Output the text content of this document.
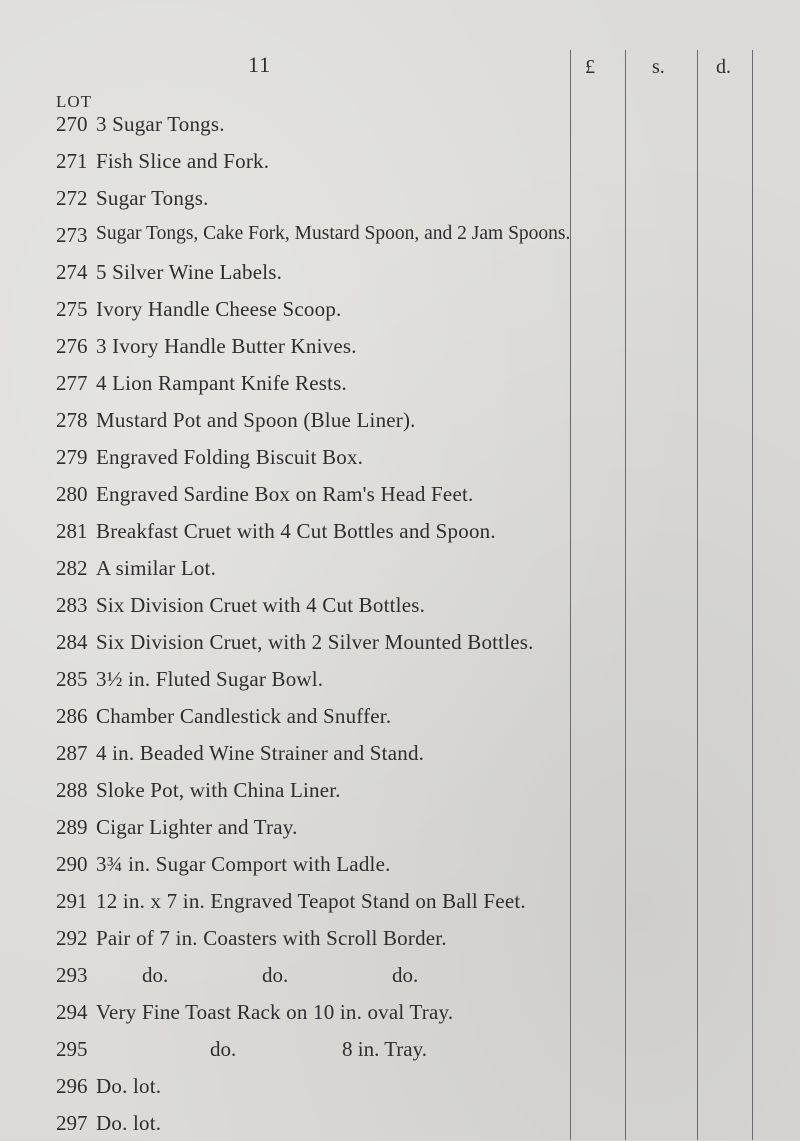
11
LOT
£	s.	d.
270 3 Sugar Tongs.
271 Fish Slice and Fork.
272 Sugar Tongs.
273 Sugar Tongs, Cake Fork, Mustard Spoon, and 2 Jam Spoons.
274 5 Silver Wine Labels.
275 Ivory Handle Cheese Scoop.
276 3 Ivory Handle Butter Knives.
277 4 Lion Rampant Knife Rests.
278 Mustard Pot and Spoon (Blue Liner).
279 Engraved Folding Biscuit Box.
280 Engraved Sardine Box on Ram's Head Feet.
281 Breakfast Cruet with 4 Cut Bottles and Spoon.
282 A similar Lot.
283 Six Division Cruet with 4 Cut Bottles.
284 Six Division Cruet, with 2 Silver Mounted Bottles.
285 3½ in. Fluted Sugar Bowl.
286 Chamber Candlestick and Snuffer.
287 4 in. Beaded Wine Strainer and Stand.
288 Sloke Pot, with China Liner.
289 Cigar Lighter and Tray.
290 3¾ in. Sugar Comport with Ladle.
291 12 in. x 7 in. Engraved Teapot Stand on Ball Feet.
292 Pair of 7 in. Coasters with Scroll Border.
293	do.	do.	do.
294 Very Fine Toast Rack on 10 in. oval Tray.
295	do.	8 in. Tray.
296 Do. lot.
297 Do. lot.
